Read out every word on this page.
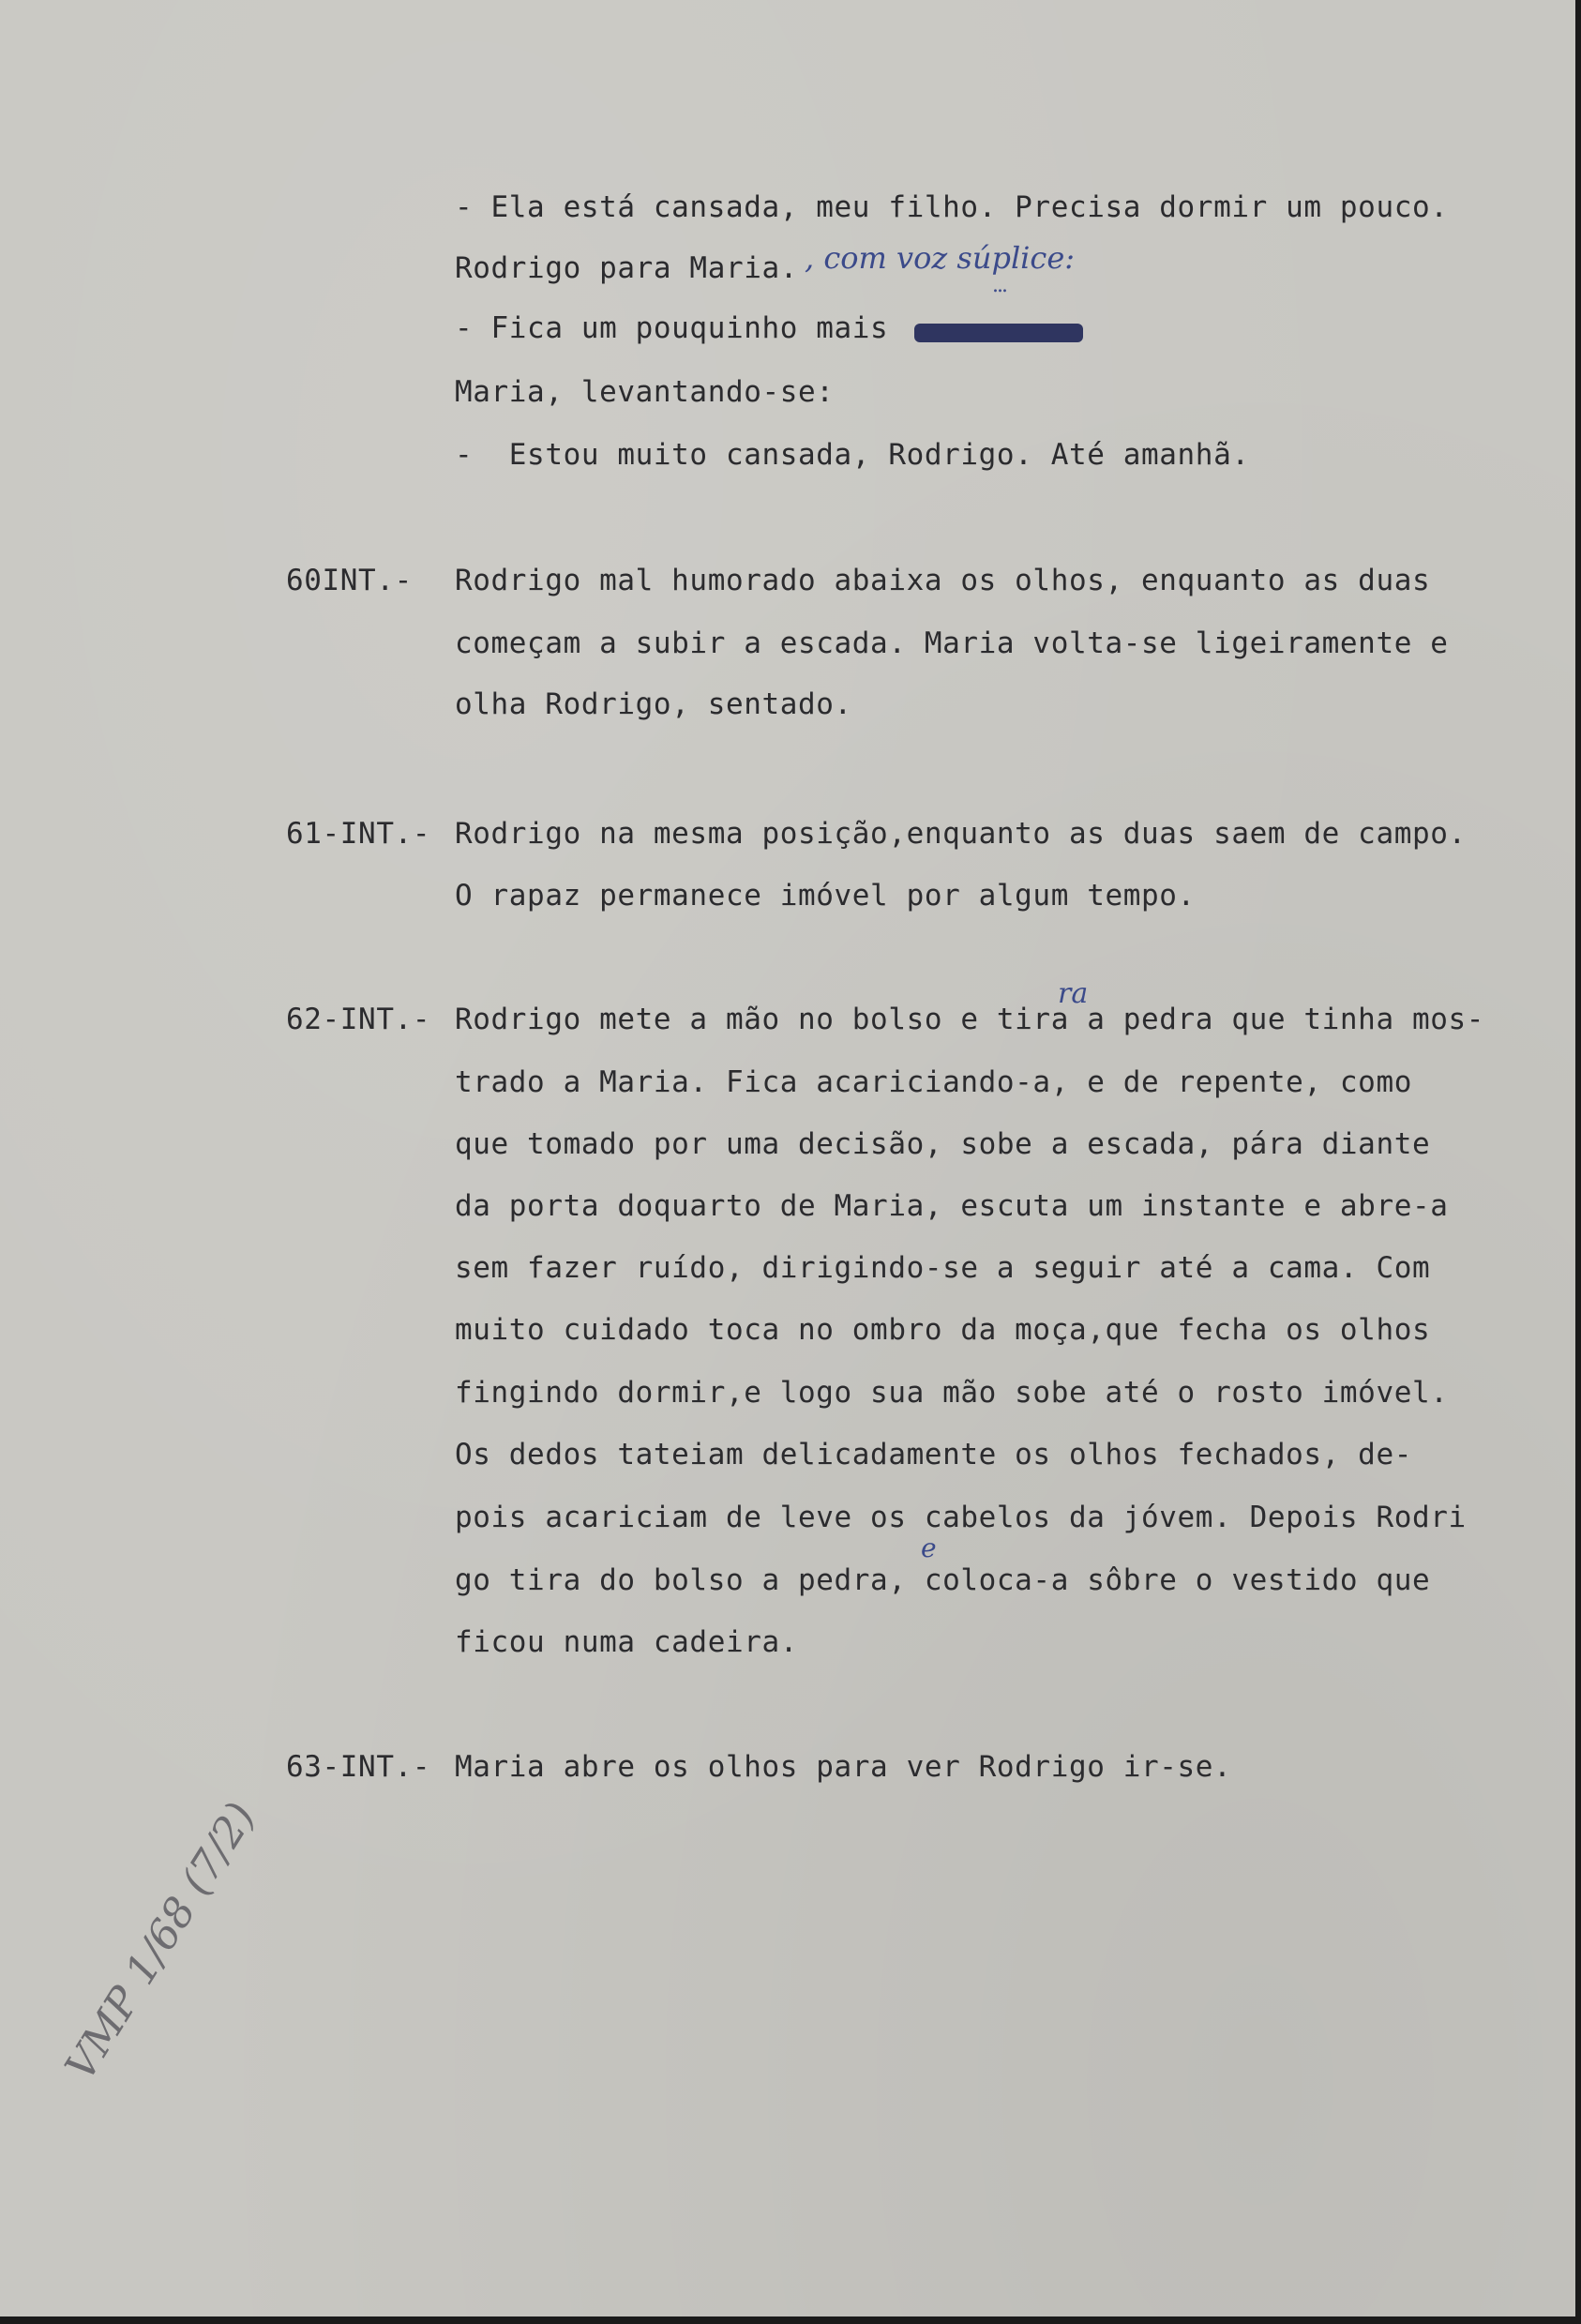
- Ela está cansada, meu filho. Precisa dormir um pouco.
Rodrigo para Maria. , com voz súplice:
...
- Fica um pouquinho mais
Maria, levantando-se:
-  Estou muito cansada, Rodrigo. Até amanhã.
60INT.- Rodrigo mal humorado abaixa os olhos, enquanto as duas
começam a subir a escada. Maria volta-se ligeiramente e
olha Rodrigo, sentado.
61-INT.- Rodrigo na mesma posição,enquanto as duas saem de campo.
O rapaz permanece imóvel por algum tempo.
ra
62-INT.- Rodrigo mete a mão no bolso e tira a pedra que tinha mos-
trado a Maria. Fica acariciando-a, e de repente, como
que tomado por uma decisão, sobe a escada, pára diante
da porta doquarto de Maria, escuta um instante e abre-a
sem fazer ruído, dirigindo-se a seguir até a cama. Com
muito cuidado toca no ombro da moça,que fecha os olhos
fingindo dormir,e logo sua mão sobe até o rosto imóvel.
Os dedos tateiam delicadamente os olhos fechados, de-
pois acariciam de leve os cabelos da jóvem. Depois Rodri
e
go tira do bolso a pedra, coloca-a sôbre o vestido que
ficou numa cadeira.
63-INT.- Maria abre os olhos para ver Rodrigo ir-se.
VMP 1/68 (7/2)
